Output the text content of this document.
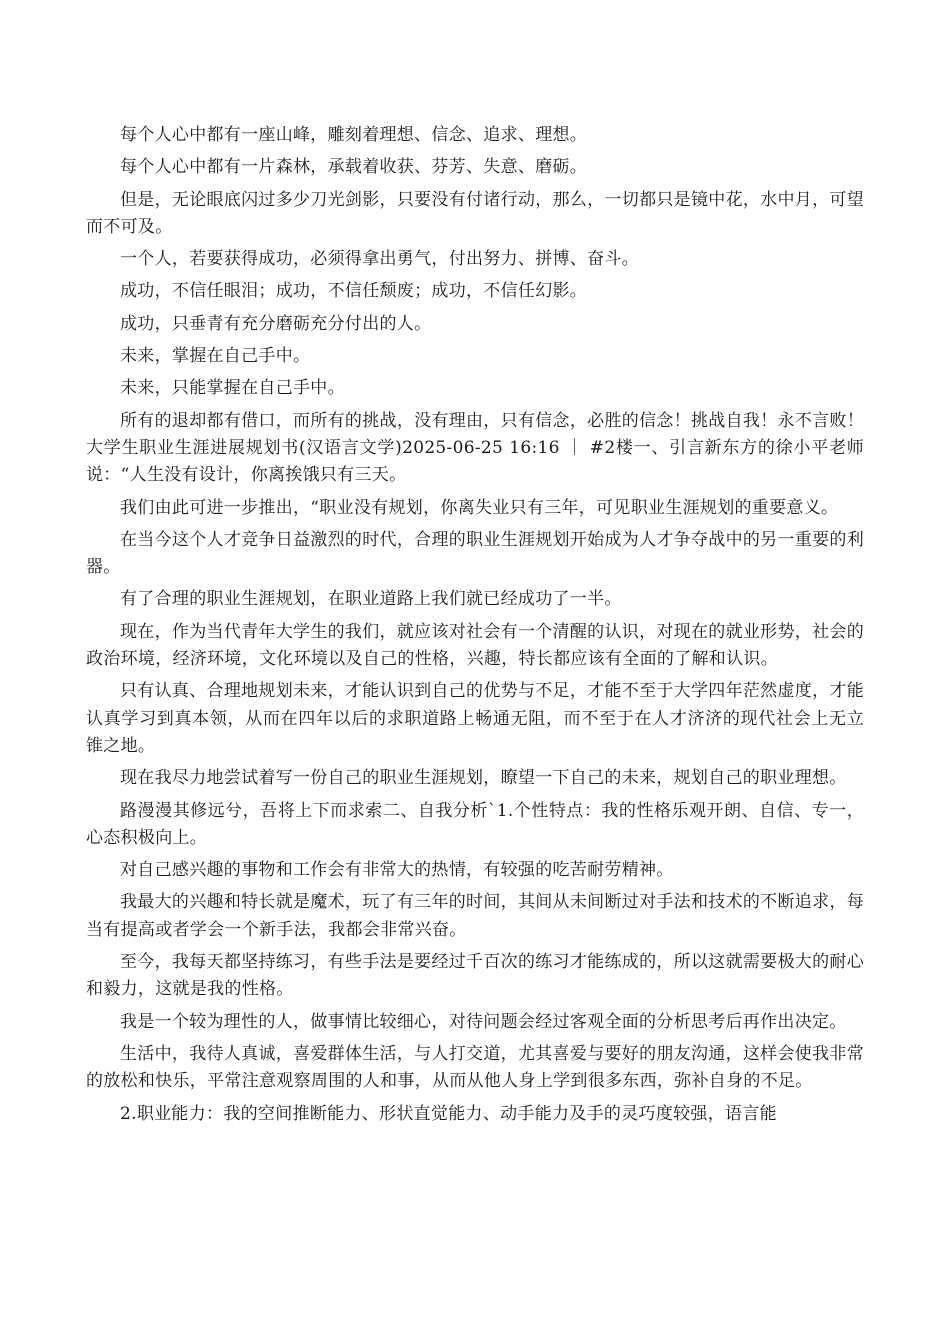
每个人心中都有一座山峰，雕刻着理想、信念、追求、理想。

每个人心中都有一片森林，承载着收获、芬芳、失意、磨砺。

但是，无论眼底闪过多少刀光剑影，只要没有付诸行动，那么，一切都只是镜中花，水中月，可望而不可及。

一个人，若要获得成功，必须得拿出勇气，付出努力、拼博、奋斗。

成功，不信任眼泪；成功，不信任颓废；成功，不信任幻影。

成功，只垂青有充分磨砺充分付出的人。

未来，掌握在自己手中。

未来，只能掌握在自己手中。

所有的退却都有借口，而所有的挑战，没有理由，只有信念，必胜的信念！挑战自我！永不言败！大学生职业生涯进展规划书(汉语言文学)2025-06-25 16:16 ｜ #2楼一、引言新东方的徐小平老师说：“人生没有设计，你离挨饿只有三天。

我们由此可进一步推出，“职业没有规划，你离失业只有三年，可见职业生涯规划的重要意义。

在当今这个人才竞争日益激烈的时代，合理的职业生涯规划开始成为人才争夺战中的另一重要的利器。

有了合理的职业生涯规划，在职业道路上我们就已经成功了一半。

现在，作为当代青年大学生的我们，就应该对社会有一个清醒的认识，对现在的就业形势，社会的政治环境，经济环境，文化环境以及自己的性格，兴趣，特长都应该有全面的了解和认识。

只有认真、合理地规划未来，才能认识到自己的优势与不足，才能不至于大学四年茫然虚度，才能认真学习到真本领，从而在四年以后的求职道路上畅通无阻，而不至于在人才济济的现代社会上无立锥之地。

现在我尽力地尝试着写一份自己的职业生涯规划，瞭望一下自己的未来，规划自己的职业理想。

路漫漫其修远兮，吾将上下而求索二、自我分析`1.个性特点：我的性格乐观开朗、自信、专一，心态积极向上。

对自己感兴趣的事物和工作会有非常大的热情，有较强的吃苦耐劳精神。

我最大的兴趣和特长就是魔术，玩了有三年的时间，其间从未间断过对手法和技术的不断追求，每当有提高或者学会一个新手法，我都会非常兴奋。

至今，我每天都坚持练习，有些手法是要经过千百次的练习才能练成的，所以这就需要极大的耐心和毅力，这就是我的性格。

我是一个较为理性的人，做事情比较细心，对待问题会经过客观全面的分析思考后再作出决定。

生活中，我待人真诚，喜爱群体生活，与人打交道，尤其喜爱与要好的朋友沟通，这样会使我非常的放松和快乐，平常注意观察周围的人和事，从而从他人身上学到很多东西，弥补自身的不足。

2.职业能力：我的空间推断能力、形状直觉能力、动手能力及手的灵巧度较强，语言能
